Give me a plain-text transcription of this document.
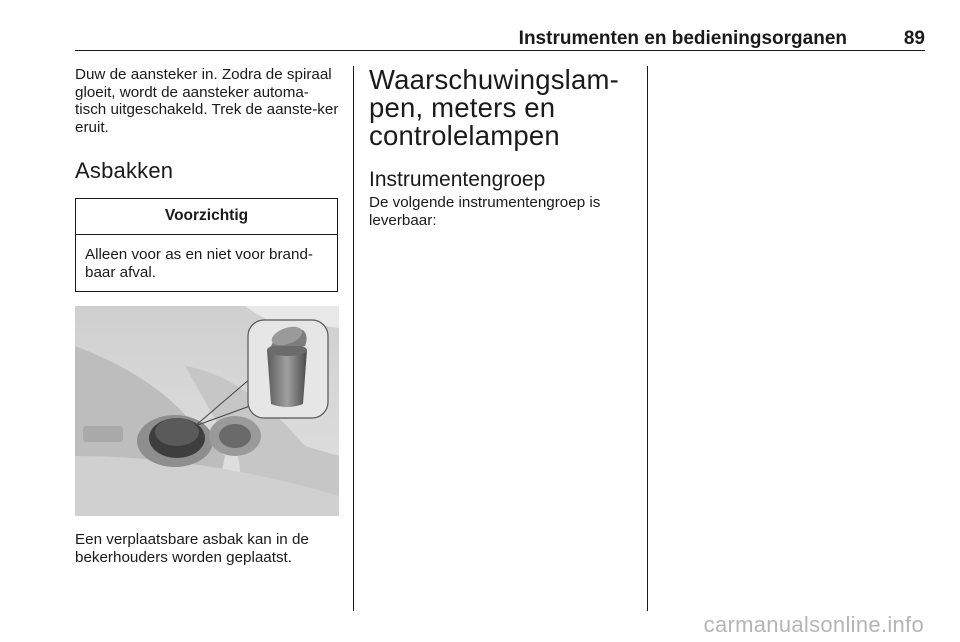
Instrumenten en bedieningsorganen	89

Duw de aansteker in. Zodra de spiraal gloeit, wordt de aansteker automa-tisch uitgeschakeld. Trek de aanste-ker eruit.

Asbakken
Voorzichtig
Alleen voor as en niet voor brand-baar afval.

Een verplaatsbare asbak kan in de bekerhouders worden geplaatst.

Waarschuwingslam-pen, meters en controlelampen
Instrumentengroep

De volgende instrumentengroep is leverbaar:

carmanualsonline.info
